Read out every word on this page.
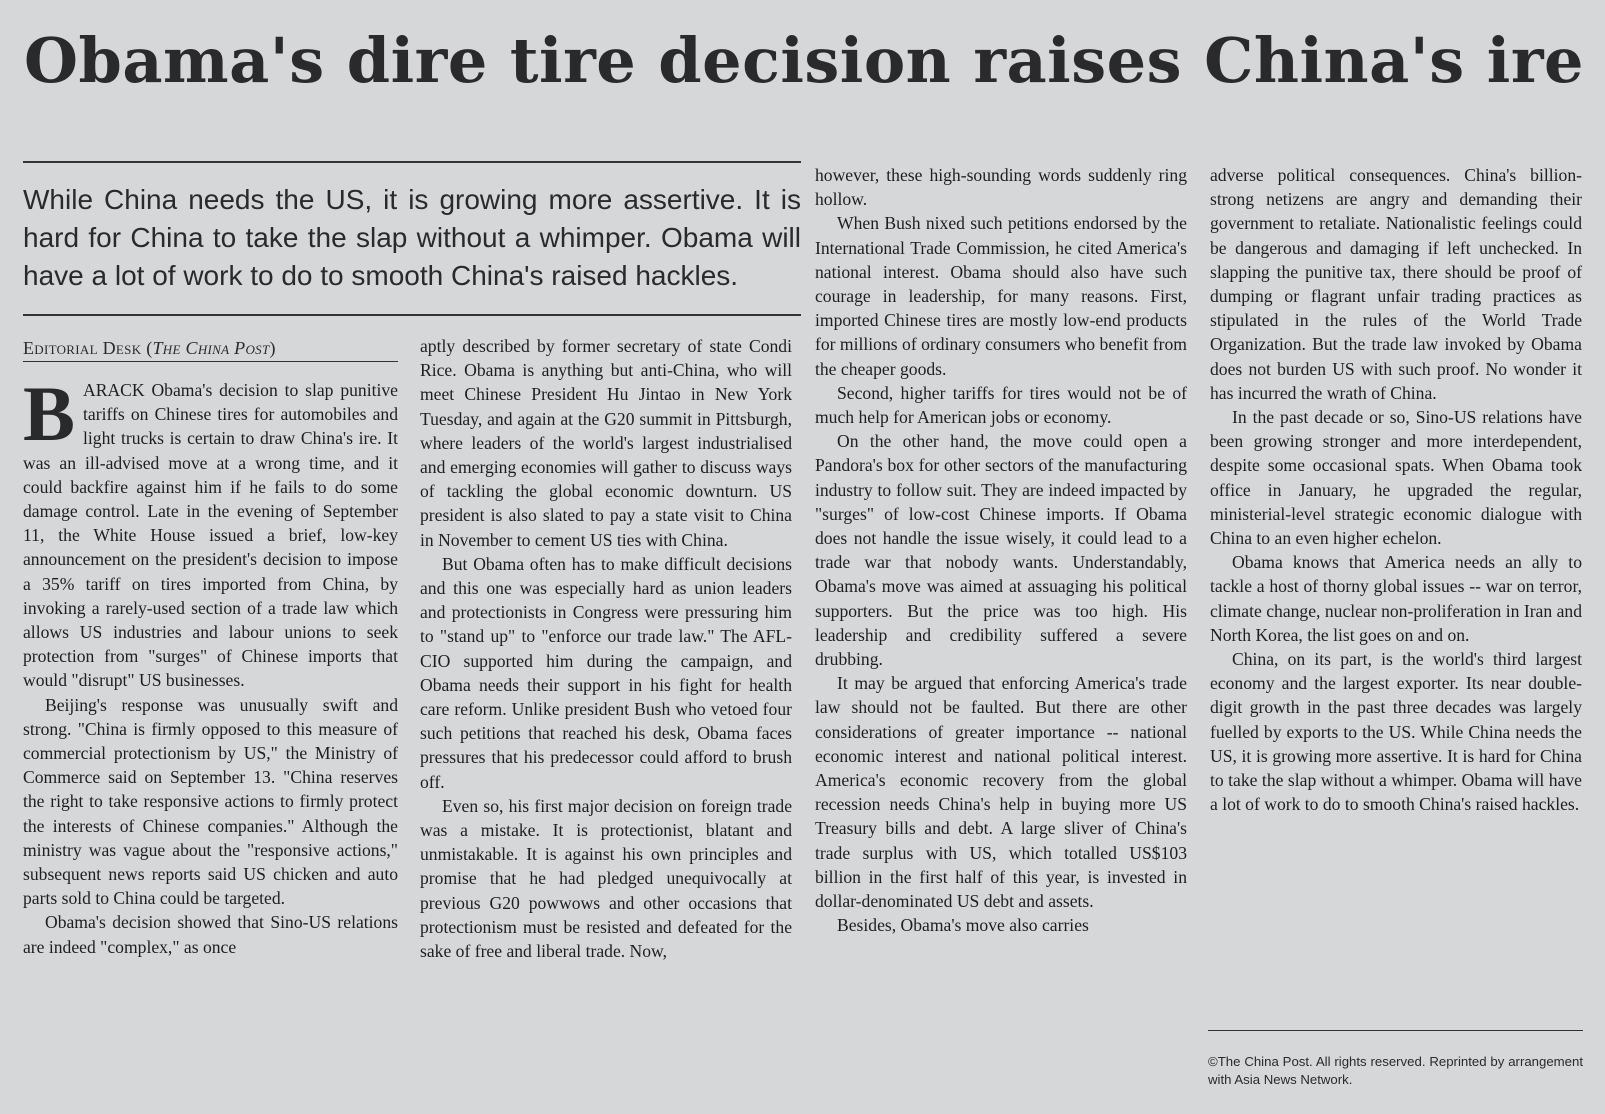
Obama's dire tire decision raises China's ire

While China needs the US, it is growing more assertive. It is hard for China to take the slap without a whimper. Obama will have a lot of work to do to smooth China's raised hackles.

Editorial Desk (The China Post)

BARACK Obama's decision to slap punitive tariffs on Chinese tires for automobiles and light trucks is certain to draw China's ire. It was an ill-advised move at a wrong time, and it could backfire against him if he fails to do some damage control. Late in the evening of September 11, the White House issued a brief, low-key announcement on the president's decision to impose a 35% tariff on tires imported from China, by invoking a rarely-used section of a trade law which allows US industries and labour unions to seek protection from "surges" of Chinese imports that would "disrupt" US businesses.

Beijing's response was unusually swift and strong. "China is firmly opposed to this measure of commercial protectionism by US," the Ministry of Commerce said on September 13. "China reserves the right to take responsive actions to firmly protect the interests of Chinese companies." Although the ministry was vague about the "responsive actions," subsequent news reports said US chicken and auto parts sold to China could be targeted.

Obama's decision showed that Sino-US relations are indeed "complex," as once

aptly described by former secretary of state Condi Rice. Obama is anything but anti-China, who will meet Chinese President Hu Jintao in New York Tuesday, and again at the G20 summit in Pittsburgh, where leaders of the world's largest industrialised and emerging economies will gather to discuss ways of tackling the global economic downturn. US president is also slated to pay a state visit to China in November to cement US ties with China.

But Obama often has to make difficult decisions and this one was especially hard as union leaders and protectionists in Congress were pressuring him to "stand up" to "enforce our trade law." The AFL-CIO supported him during the campaign, and Obama needs their support in his fight for health care reform. Unlike president Bush who vetoed four such petitions that reached his desk, Obama faces pressures that his predecessor could afford to brush off.

Even so, his first major decision on foreign trade was a mistake. It is protectionist, blatant and unmistakable. It is against his own principles and promise that he had pledged unequivocally at previous G20 powwows and other occasions that protectionism must be resisted and defeated for the sake of free and liberal trade. Now,

however, these high-sounding words suddenly ring hollow.

When Bush nixed such petitions endorsed by the International Trade Commission, he cited America's national interest. Obama should also have such courage in leadership, for many reasons. First, imported Chinese tires are mostly low-end products for millions of ordinary consumers who benefit from the cheaper goods.

Second, higher tariffs for tires would not be of much help for American jobs or economy.

On the other hand, the move could open a Pandora's box for other sectors of the manufacturing industry to follow suit. They are indeed impacted by "surges" of low-cost Chinese imports. If Obama does not handle the issue wisely, it could lead to a trade war that nobody wants. Understandably, Obama's move was aimed at assuaging his political supporters. But the price was too high. His leadership and credibility suffered a severe drubbing.

It may be argued that enforcing America's trade law should not be faulted. But there are other considerations of greater importance -- national economic interest and national political interest. America's economic recovery from the global recession needs China's help in buying more US Treasury bills and debt. A large sliver of China's trade surplus with US, which totalled US$103 billion in the first half of this year, is invested in dollar-denominated US debt and assets.

Besides, Obama's move also carries

adverse political consequences. China's billion-strong netizens are angry and demanding their government to retaliate. Nationalistic feelings could be dangerous and damaging if left unchecked. In slapping the punitive tax, there should be proof of dumping or flagrant unfair trading practices as stipulated in the rules of the World Trade Organization. But the trade law invoked by Obama does not burden US with such proof. No wonder it has incurred the wrath of China.

In the past decade or so, Sino-US relations have been growing stronger and more interdependent, despite some occasional spats. When Obama took office in January, he upgraded the regular, ministerial-level strategic economic dialogue with China to an even higher echelon.

Obama knows that America needs an ally to tackle a host of thorny global issues -- war on terror, climate change, nuclear non-proliferation in Iran and North Korea, the list goes on and on.

China, on its part, is the world's third largest economy and the largest exporter. Its near double-digit growth in the past three decades was largely fuelled by exports to the US. While China needs the US, it is growing more assertive. It is hard for China to take the slap without a whimper. Obama will have a lot of work to do to smooth China's raised hackles.

©The China Post. All rights reserved. Reprinted by arrangement with Asia News Network.
